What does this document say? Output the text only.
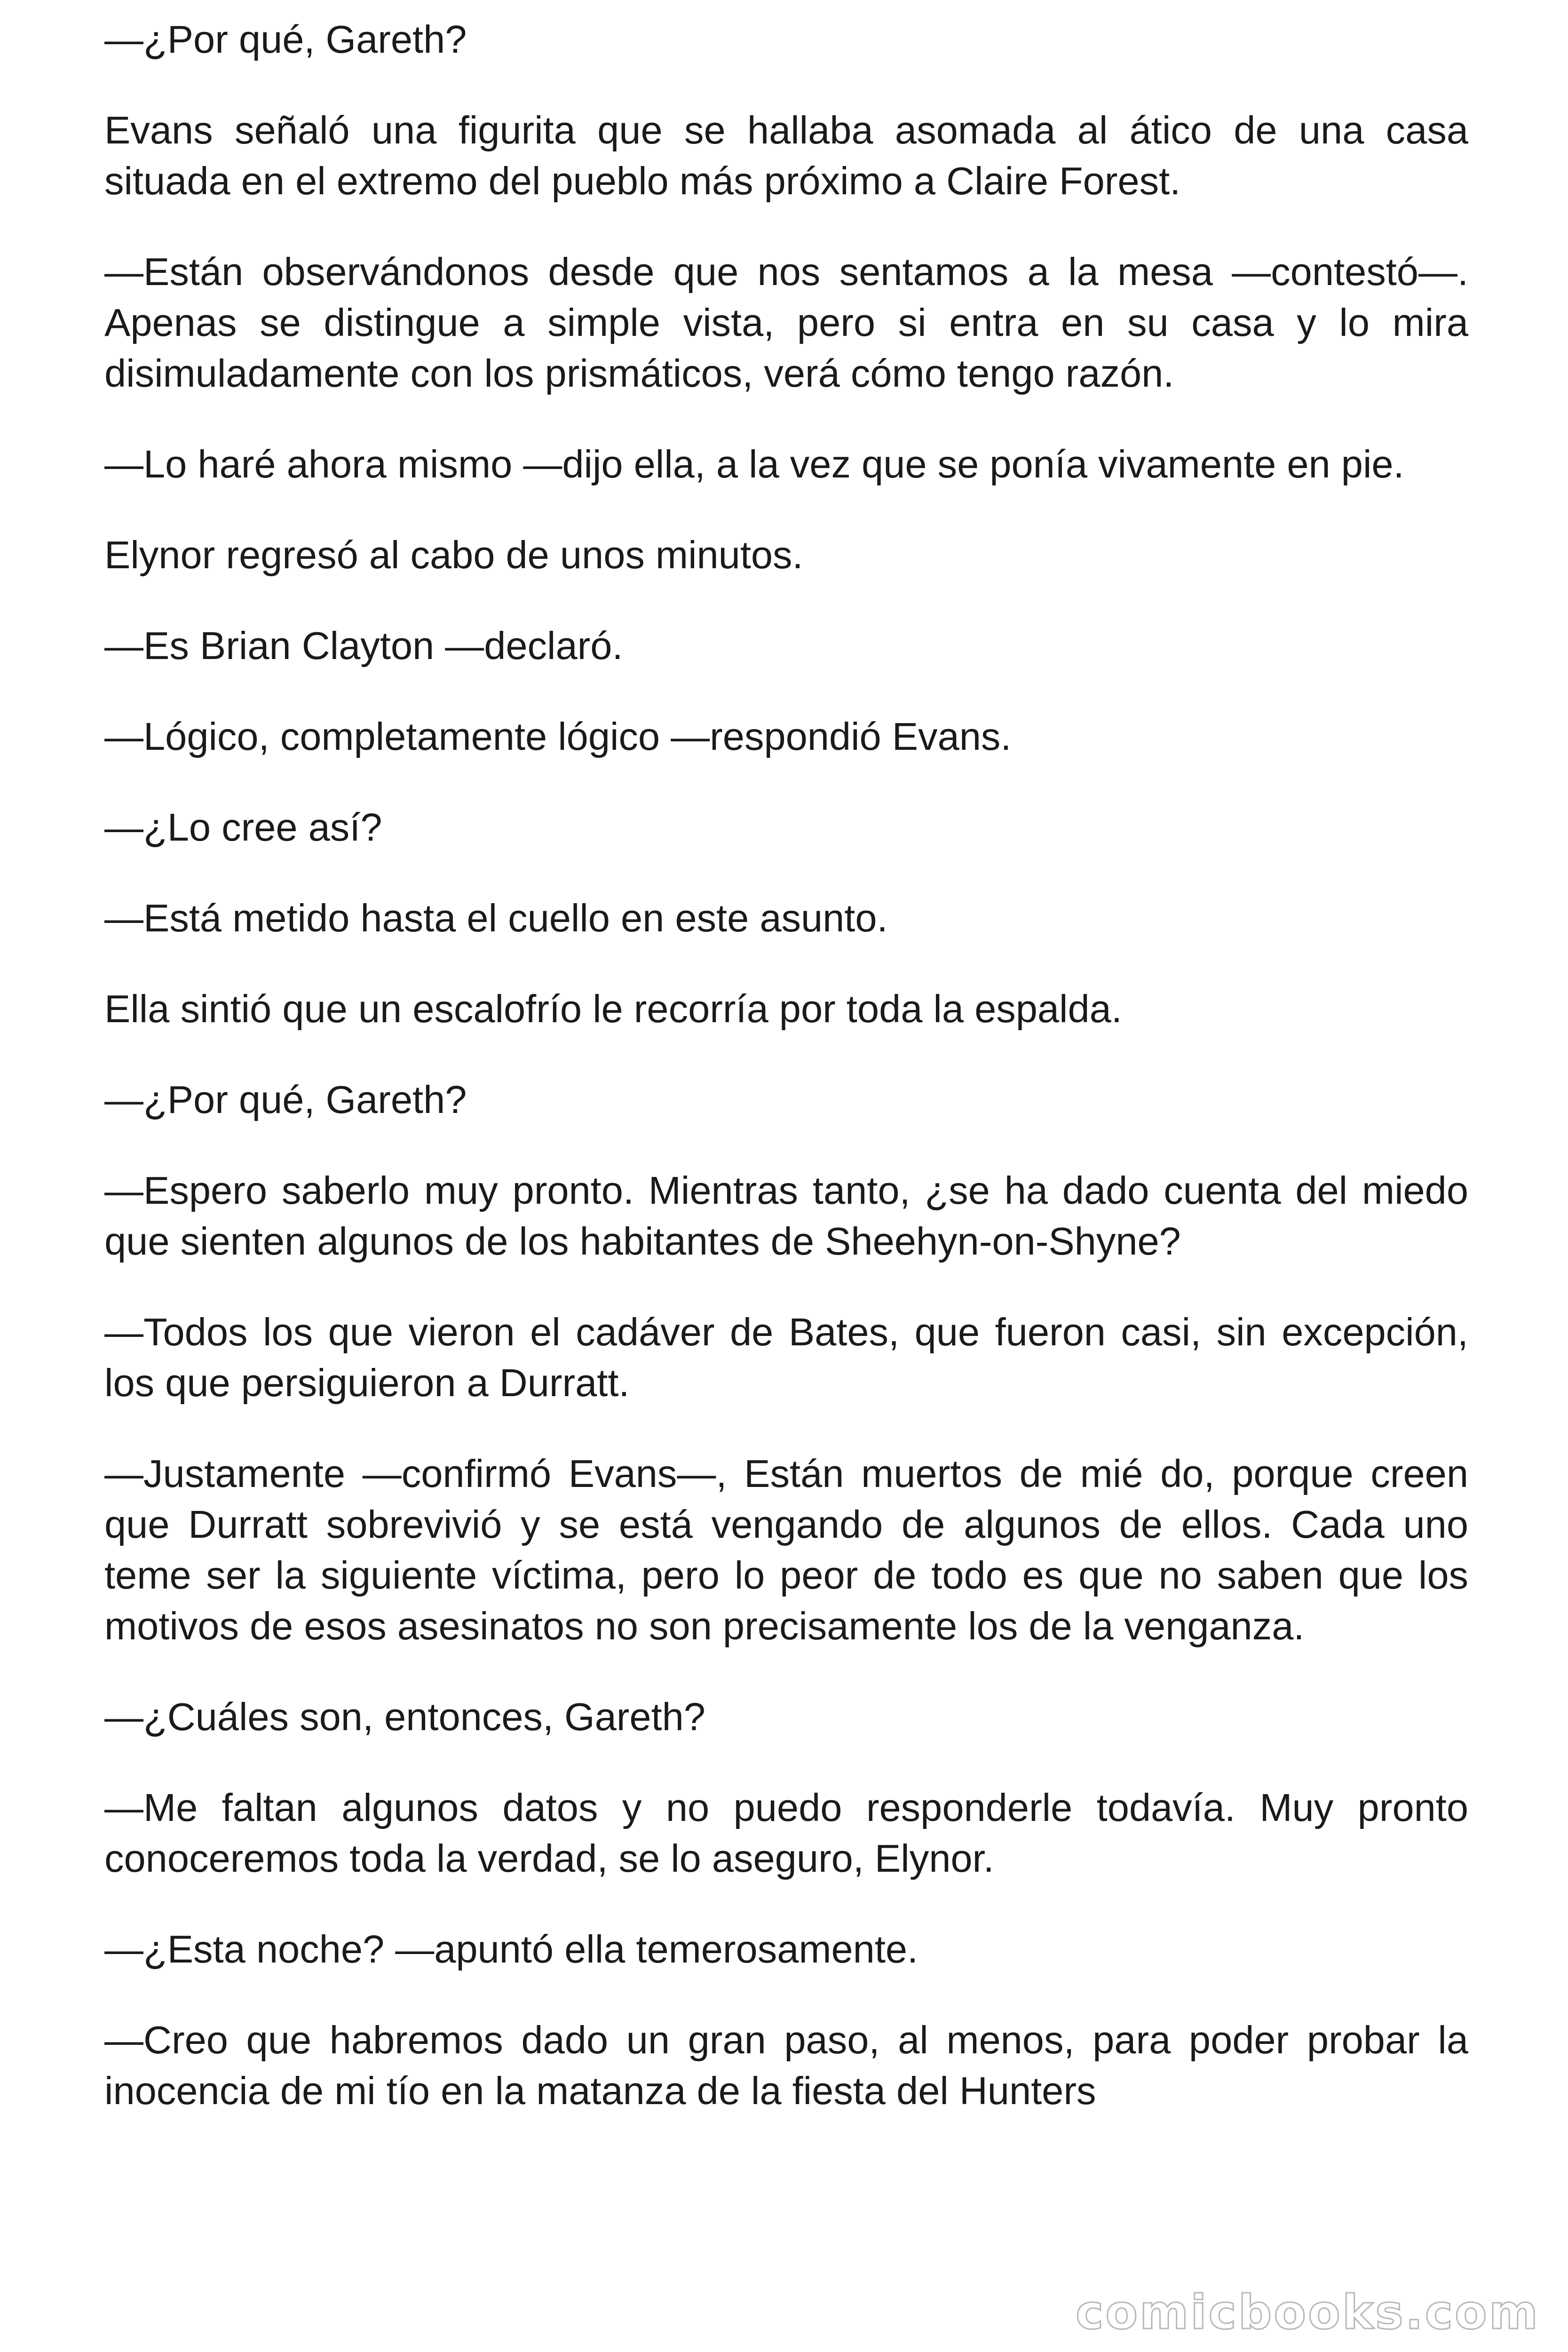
—¿Por qué, Gareth?

Evans señaló una figurita que se hallaba asomada al ático de una casa situada en el extremo del pueblo más próximo a Claire Forest.

—Están observándonos desde que nos sentamos a la mesa —contestó—. Apenas se distingue a simple vista, pero si entra en su casa y lo mira disimuladamente con los prismáticos, verá cómo tengo razón.

—Lo haré ahora mismo —dijo ella, a la vez que se ponía vivamente en pie.

Elynor regresó al cabo de unos minutos.

—Es Brian Clayton —declaró.

—Lógico, completamente lógico —respondió Evans.

—¿Lo cree así?

—Está metido hasta el cuello en este asunto.

Ella sintió que un escalofrío le recorría por toda la espalda.

—¿Por qué, Gareth?

—Espero saberlo muy pronto. Mientras tanto, ¿se ha dado cuenta del miedo que sienten algunos de los habitantes de Sheehyn-on-Shyne?

—Todos los que vieron el cadáver de Bates, que fueron casi, sin excepción, los que persiguieron a Durratt.

—Justamente —confirmó Evans—, Están muertos de mié do, porque creen que Durratt sobrevivió y se está vengando de algunos de ellos. Cada uno teme ser la siguiente víctima, pero lo peor de todo es que no saben que los motivos de esos asesinatos no son precisamente los de la venganza.

—¿Cuáles son, entonces, Gareth?

—Me faltan algunos datos y no puedo responderle todavía. Muy pronto conoceremos toda la verdad, se lo aseguro, Elynor.

—¿Esta noche? —apuntó ella temerosamente.

—Creo que habremos dado un gran paso, al menos, para poder probar la inocencia de mi tío en la matanza de la fiesta del Hunters

comicbooks.com
